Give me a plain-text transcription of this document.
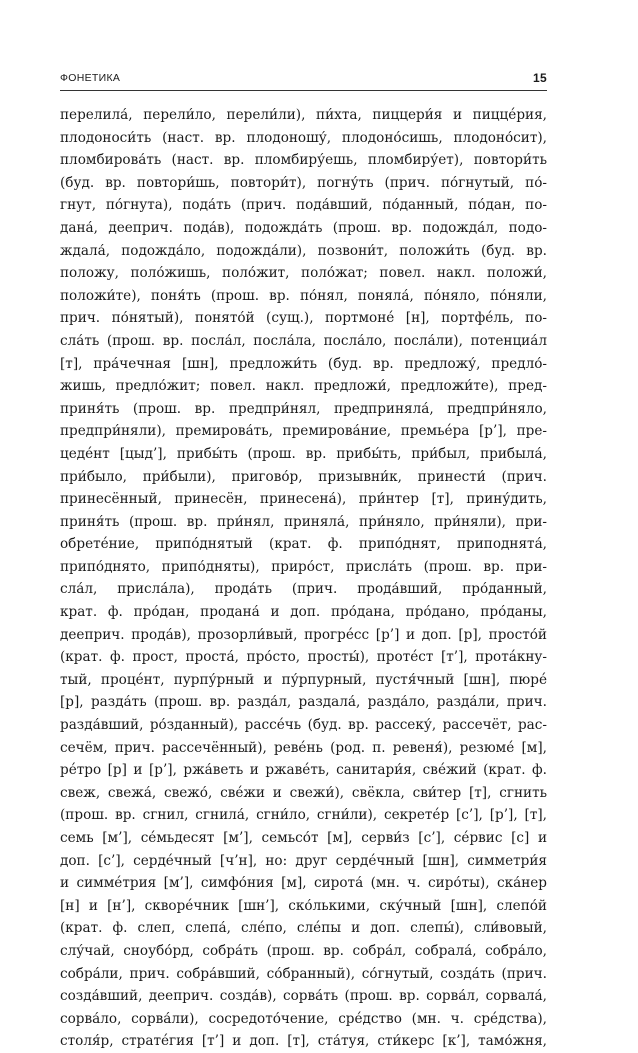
ФОНЕТИКА	15
перелила́, перели́ло, перели́ли), пи́хта, пиццери́я и пиццéрия,
плодоноси́ть (наст. вр. плодоношу́, плодоно́сишь, плодоно́сит),
пломбирова́ть (наст. вр. пломбиру́ешь, пломбиру́ет), повтори́ть
(буд. вр. повтори́шь, повтори́т), погну́ть (прич. по́гнутый, по́-
гнут, по́гнута), пода́ть (прич. пода́вший, по́данный, по́дан, по-
дана́, дееприч. пода́в), подожда́ть (прош. вр. подожда́л, подо-
ждала́, подожда́ло, подожда́ли), позвони́т, положи́ть (буд. вр.
положу, поло́жишь, поло́жит, поло́жат; повел. накл. положи́,
положи́те), поня́ть (прош. вр. по́нял, поняла́, по́няло, по́няли,
прич. по́нятый), понято́й (сущ.), портмонé [н], портфéль, по-
сла́ть (прош. вр. посла́л, посла́ла, посла́ло, посла́ли), потенциа́л
[т], пра́чечная [шн], предложи́ть (буд. вр. предложу́, предло́-
жишь, предло́жит; повел. накл. предложи́, предложи́те), пред-
приня́ть (прош. вр. предпри́нял, предприняла́, предпри́няло,
предпри́няли), премирова́ть, премирова́ние, премьéра [р’], пре-
цедéнт [цыд’], прибы́ть (прош. вр. прибы́ть, при́был, прибыла́,
при́было, при́были), пригово́р, призывни́к, принести́ (прич.
принесённый, принесён, принесена́), при́нтер [т], прину́дить,
приня́ть (прош. вр. при́нял, приняла́, при́няло, при́няли), при-
обретéние, припо́днятый (крат. ф. припо́днят, приподнята́,
припо́днято, припо́дняты), приро́ст, присла́ть (прош. вр. при-
сла́л, присла́ла), прода́ть (прич. прода́вший, про́данный,
крат. ф. про́дан, продана́ и доп. про́дана, про́дано, про́даны,
дееприч. прода́в), прозорли́вый, прогрéсс [р’] и доп. [р], просто́й
(крат. ф. прост, проста́, про́сто, просты́), протéст [т’], протáкну-
тый, процéнт, пурпу́рный и пу́рпурный, пустя́чный [шн], пюрé
[р], разда́ть (прош. вр. разда́л, раздала́, разда́ло, разда́ли, прич.
разда́вший, ро́зданный), рассéчь (буд. вр. рассеку́, рассечёт, рас-
сечём, прич. рассечённый), ревéнь (род. п. ревеня́), резюмé [м],
рéтро [р] и [р’], ржа́веть и ржавéть, санитари́я, свéжий (крат. ф.
свеж, свежа́, свежо́, свéжи и свежи́), свёкла, сви́тер [т], сгнить
(прош. вр. сгнил, сгнила́, сгни́ло, сгни́ли), секретéр [с’], [р’], [т],
семь [м’], сéмьдесят [м’], семьсо́т [м], серви́з [с’], сéрвис [с] и
доп. [с’], сердéчный [ч’н], но: друг сердéчный [шн], симметри́я
и симмéтрия [м’], симфо́ния [м], сирота́ (мн. ч. сиро́ты), ска́нер
[н] и [н’], скворéчник [шн’], ско́лькими, ску́чный [шн], слепо́й
(крат. ф. слеп, слепа́, слéпо, слéпы и доп. слепы́), сли́вовый,
слу́чай, сноубо́рд, собра́ть (прош. вр. собра́л, собрала́, собра́ло,
собра́ли, прич. собра́вший, со́бранный), со́гнутый, созда́ть (прич.
созда́вший, дееприч. созда́в), сорва́ть (прош. вр. сорва́л, сорвала́,
сорва́ло, сорва́ли), сосредото́чение, срéдство (мн. ч. срéдства),
столя́р, стратéгия [т’] и доп. [т], ста́туя, сти́керс [к’], тамо́жня,
